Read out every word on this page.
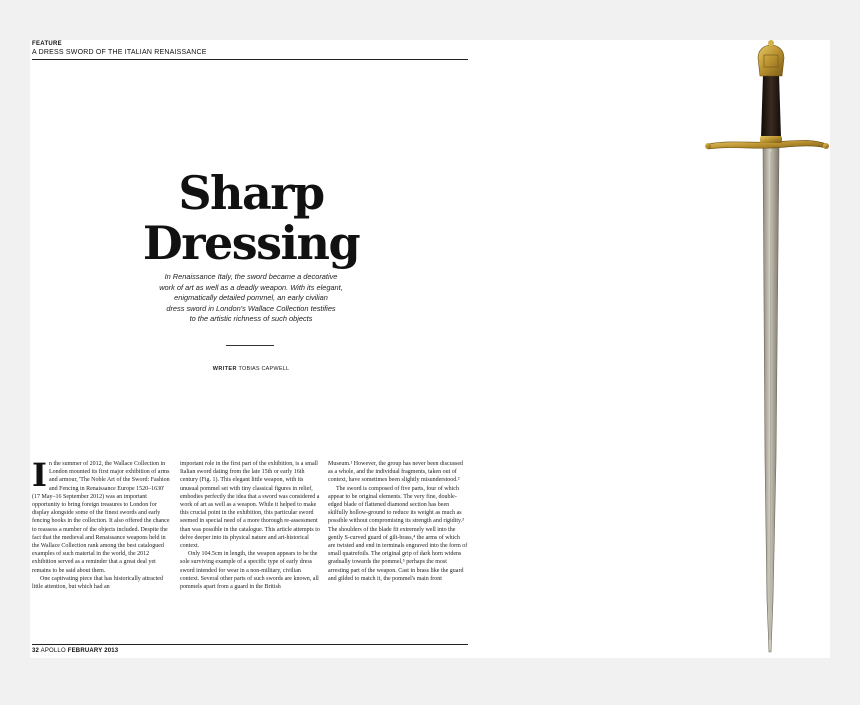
FEATURE
A DRESS SWORD OF THE ITALIAN RENAISSANCE
Sharp
Dressing
In Renaissance Italy, the sword became a decorative
work of art as well as a deadly weapon. With its elegant,
enigmatically detailed pommel, an early civilian
dress sword in London's Wallace Collection testifies
to the artistic richness of such objects
WRITER TOBIAS CAPWELL
I n the summer of 2012, the Wallace Collection in London mounted its first major exhibition of arms and armour, 'The Noble Art of the Sword: Fashion and Fencing in Renaissance Europe 1520–1630' (17 May–16 September 2012) was an important opportunity to bring foreign treasures to London for display alongside some of the finest swords and early fencing books in the collection. It also offered the chance to reassess a number of the objects included. Despite the fact that the medieval and Renaissance weapons held in the Wallace Collection rank among the best catalogued examples of such material in the world, the 2012 exhibition served as a reminder that a great deal yet remains to be said about them.

One captivating piece that has historically attracted little attention, but which had an

important role in the first part of the exhibition, is a small Italian sword dating from the late 15th or early 16th century (Fig. 1). This elegant little weapon, with its unusual pommel set with tiny classical figures in relief, embodies perfectly the idea that a sword was considered a work of art as well as a weapon. While it helped to make this crucial point in the exhibition, this particular sword seemed in special need of a more thorough re-assessment than was possible in the catalogue. This article attempts to delve deeper into its physical nature and art-historical context.

Only 104.5cm in length, the weapon appears to be the sole surviving example of a specific type of early dress sword intended for wear in a non-military, civilian context. Several other parts of such swords are known, all pommels apart from a guard in the British

Museum.¹ However, the group has never been discussed as a whole, and the individual fragments, taken out of context, have sometimes been slightly misunderstood.²

The sword is composed of five parts, four of which appear to be original elements. The very fine, double-edged blade of flattened diamond section has been skilfully hollow-ground to reduce its weight as much as possible without compromising its strength and rigidity.³ The shoulders of the blade fit extremely well into the gently S-curved guard of gilt-brass,⁴ the arms of which are twisted and end in terminals engraved into the form of small quatrefoils. The original grip of dark horn widens gradually towards the pommel,⁵ perhaps the most arresting part of the weapon. Cast in brass like the guard and gilded to match it, the pommel's main front

32 APOLLO FEBRUARY 2013
